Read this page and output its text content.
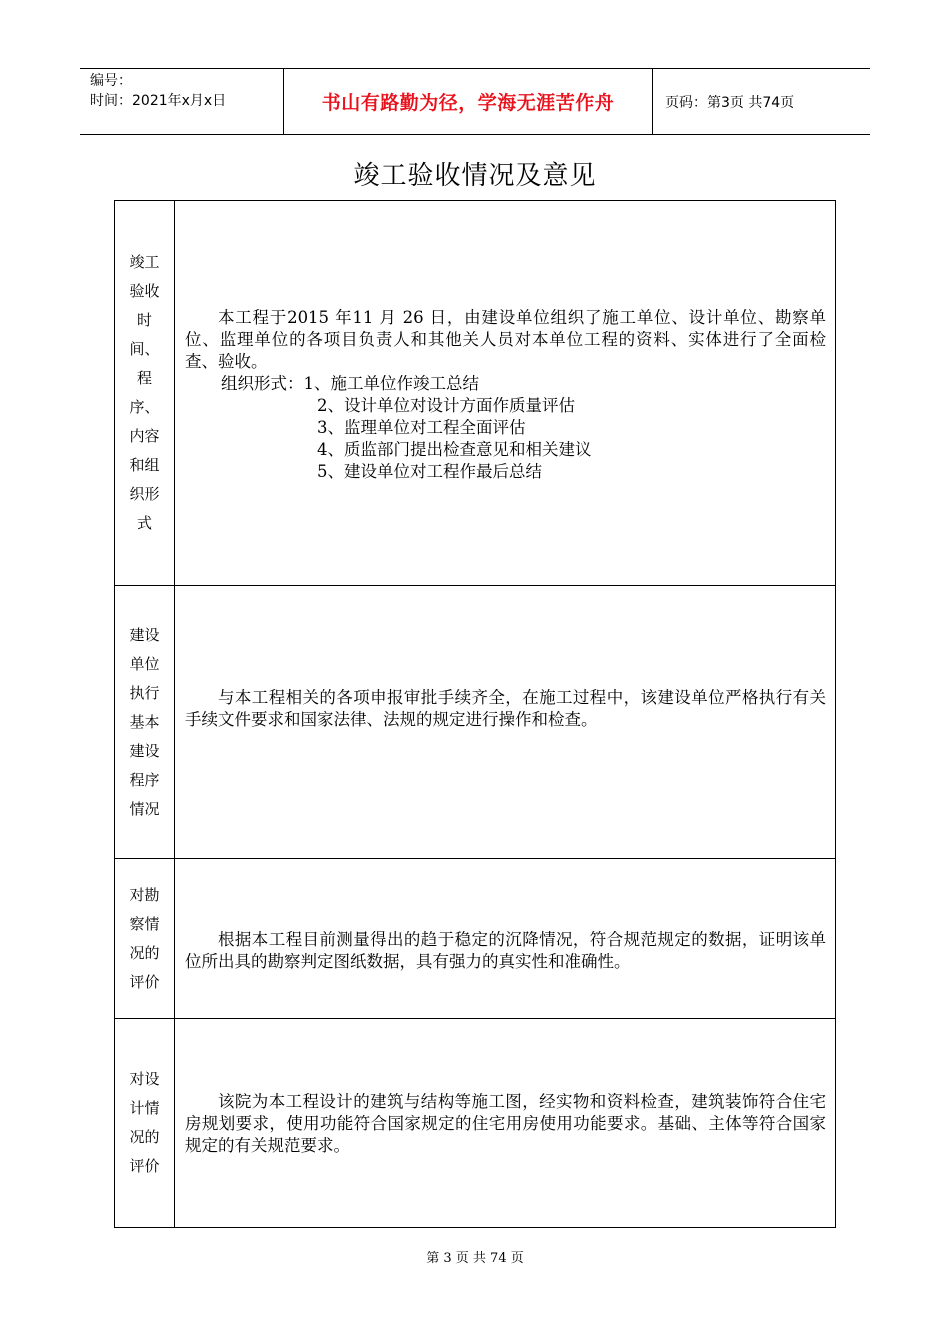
编号：
时间：2021年x月x日	书山有路勤为径，学海无涯苦作舟	页码：第3页 共74页
竣工验收情况及意见
竣工验收时间、程序、内容和组织形式

本工程于2015 年11 月 26 日，由建设单位组织了施工单位、设计单位、勘察单位、监理单位的各项目负责人和其他关人员对本单位工程的资料、实体进行了全面检查、验收。

组织形式：1、施工单位作竣工总结

2、设计单位对设计方面作质量评估

3、监理单位对工程全面评估

4、质监部门提出检查意见和相关建议

5、建设单位对工程作最后总结

建设单位执行基本建设程序情况

与本工程相关的各项申报审批手续齐全，在施工过程中，该建设单位严格执行有关手续文件要求和国家法律、法规的规定进行操作和检查。

对勘察情况的评价

根据本工程目前测量得出的趋于稳定的沉降情况，符合规范规定的数据，证明该单位所出具的勘察判定图纸数据，具有强力的真实性和准确性。

对设计情况的评价

该院为本工程设计的建筑与结构等施工图，经实物和资料检查，建筑装饰符合住宅房规划要求，使用功能符合国家规定的住宅用房使用功能要求。基础、主体等符合国家规定的有关规范要求。

第 3 页 共 74 页
